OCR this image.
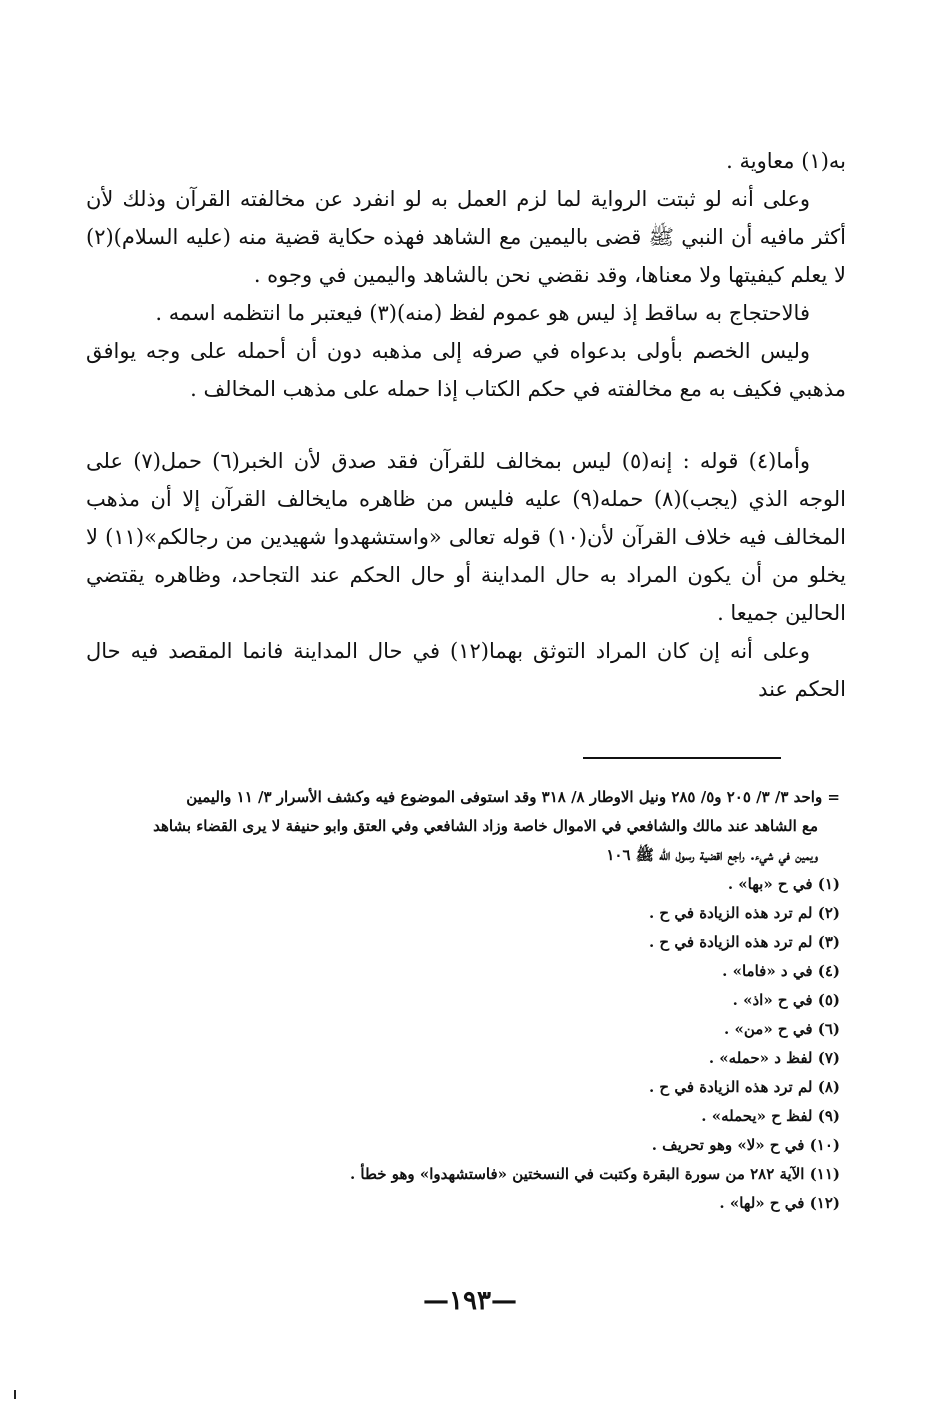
به(١) معاوية .

وعلى أنه لو ثبتت الرواية لما لزم العمل به لو انفرد عن مخالفته القرآن وذلك لأن أكثر مافيه أن النبي ﷺ قضى باليمين مع الشاهد فهذه حكاية قضية منه (عليه السلام)(٢) لا يعلم كيفيتها ولا معناها، وقد نقضي نحن بالشاهد واليمين في وجوه .

فالاحتجاج به ساقط إذ ليس هو عموم لفظ (منه)(٣) فيعتبر ما انتظمه اسمه .

وليس الخصم بأولى بدعواه في صرفه إلى مذهبه دون أن أحمله على وجه يوافق مذهبي فكيف به مع مخالفته في حكم الكتاب إذا حمله على مذهب المخالف .

وأما(٤) قوله : إنه(٥) ليس بمخالف للقرآن فقد صدق لأن الخبر(٦) حمل(٧) على الوجه الذي (يجب)(٨) حمله(٩) عليه فليس من ظاهره مايخالف القرآن إلا أن مذهب المخالف فيه خلاف القرآن لأن(١٠) قوله تعالى «واستشهدوا شهيدين من رجالكم»(١١) لا يخلو من أن يكون المراد به حال المداينة أو حال الحكم عند التجاحد، وظاهره يقتضي الحالين جميعا .

وعلى أنه إن كان المراد التوثق بهما(١٢) في حال المداينة فانما المقصد فيه حال الحكم عند

= واحد ٣/ ٣/ ٢٠٥ و٥/ ٢٨٥ ونيل الاوطار ٨/ ٣١٨ وقد استوفى الموضوع فيه وكشف الأسرار ٣/ ١١ واليمين

مع الشاهد عند مالك والشافعي في الاموال خاصة وزاد الشافعي وفي العتق وابو حنيفة لا يرى القضاء بشاهد

ويمين في شيء. راجع اقضية رسول الله ﷺ ١٠٦

(١) في ح «بها» .

(٢) لم ترد هذه الزيادة في ح .

(٣) لم ترد هذه الزيادة في ح .

(٤) في د «فاما» .

(٥) في ح «اذ» .

(٦) في ح «من» .

(٧) لفظ د «حمله» .

(٨) لم ترد هذه الزيادة في ح .

(٩) لفظ ح «يحمله» .

(١٠) في ح «لا» وهو تحريف .

(١١) الآية ٢٨٢ من سورة البقرة وكتبت في النسختين «فاستشهدوا» وهو خطأ .

(١٢) في ح «لها» .

—١٩٣—
